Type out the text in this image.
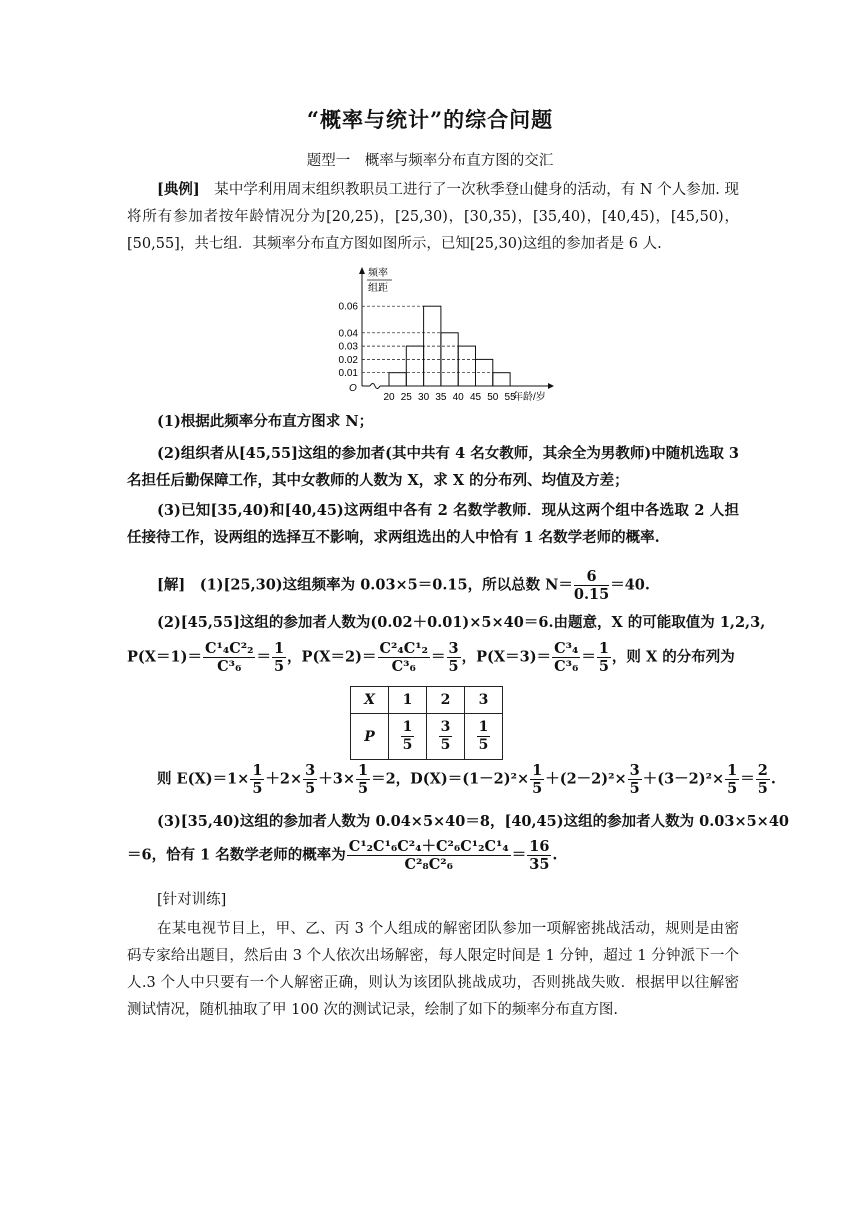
“概率与统计”的综合问题
题型一　概率与频率分布直方图的交汇
[典例]　某中学利用周末组织教职员工进行了一次秋季登山健身的活动，有 N 个人参加. 现将所有参加者按年龄情况分为[20,25)，[25,30)，[30,35)，[35,40)，[40,45)，[45,50)，[50,55]，共七组．其频率分布直方图如图所示，已知[25,30)这组的参加者是 6 人.
0.01
0.02
0.03
0.04
0.06
20 25 30 35 40 45 50 55
频率
组距
O
年龄/岁
(1)根据此频率分布直方图求 N；
(2)组织者从[45,55]这组的参加者(其中共有 4 名女教师，其余全为男教师)中随机选取 3 名担任后勤保障工作，其中女教师的人数为 X，求 X 的分布列、均值及方差；
(3)已知[35,40)和[40,45)这两组中各有 2 名数学教师．现从这两个组中各选取 2 人担任接待工作，设两组的选择互不影响，求两组选出的人中恰有 1 名数学老师的概率.
[解]　 (1)[25,30)这组频率为 0.03×5＝0.15，所以总数 $N= \frac{6}{0.15} =40$.
(2)[45,55]这组的参加者人数为(0.02＋0.01)×5×40＝6.由题意，X 的可能取值为 1,2,3,
$P(X=1)= \frac{\text{C¹₄C²₂}}{\text{C³₆}} = \frac{1}{5}$ ，$P(X=2)= \frac{\text{C²₄C¹₂}}{\text{C³₆}} = \frac{3}{5}$ ，$P(X=3)= \frac{\text{C³₄}}{\text{C³₆}} = \frac{1}{5}$ ，则 X 的分布列为
X	1	2	3
P	$\frac{1}{5}$	$\frac{3}{5}$	$\frac{1}{5}$
则 $E(X)=1\times \frac{1}{5} +2\times \frac{3}{5} +3\times \frac{1}{5} =2$，$D(X)=(1-2)^2\times \frac{1}{5} +(2-2)^2\times \frac{3}{5} +(3-2)^2\times \frac{1}{5} = \frac{2}{5}$ .
(3)[35,40)这组的参加者人数为 0.04×5×40＝8，[40,45)这组的参加者人数为 0.03×5×40
＝6，恰有 1 名数学老师的概率为 $\frac{\text{C¹₂C¹₆C²₄＋C²₆C¹₂C¹₄}}{\text{C²₈C²₆}} = \frac{16}{35}$ .
[针对训练]
在某电视节目上，甲、乙、丙 3 个人组成的解密团队参加一项解密挑战活动，规则是由密码专家给出题目，然后由 3 个人依次出场解密，每人限定时间是 1 分钟，超过 1 分钟派下一个人.3 个人中只要有一个人解密正确，则认为该团队挑战成功，否则挑战失败．根据甲以往解密测试情况，随机抽取了甲 100 次的测试记录，绘制了如下的频率分布直方图.
